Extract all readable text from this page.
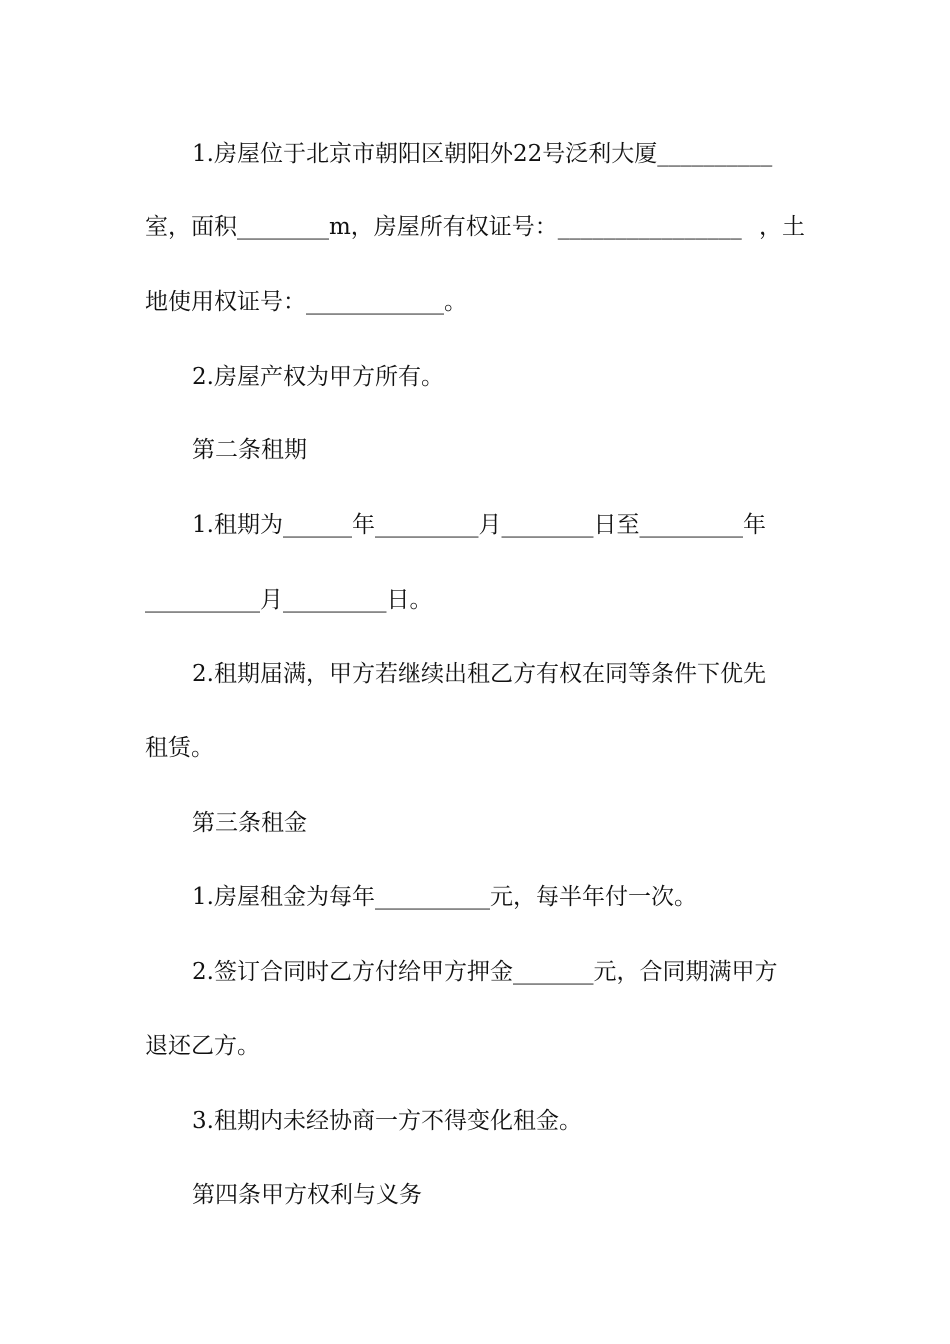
1.房屋位于北京市朝阳区朝阳外22号泛利大厦__________
室，面积________m，房屋所有权证号：________________ ，土
地使用权证号：____________。
2.房屋产权为甲方所有。
第二条租期
1.租期为______年_________月________日至_________年
__________月_________日。
2.租期届满，甲方若继续出租乙方有权在同等条件下优先
租赁。
第三条租金
1.房屋租金为每年__________元，每半年付一次。
2.签订合同时乙方付给甲方押金_______元，合同期满甲方
退还乙方。
3.租期内未经协商一方不得变化租金。
第四条甲方权利与义务
